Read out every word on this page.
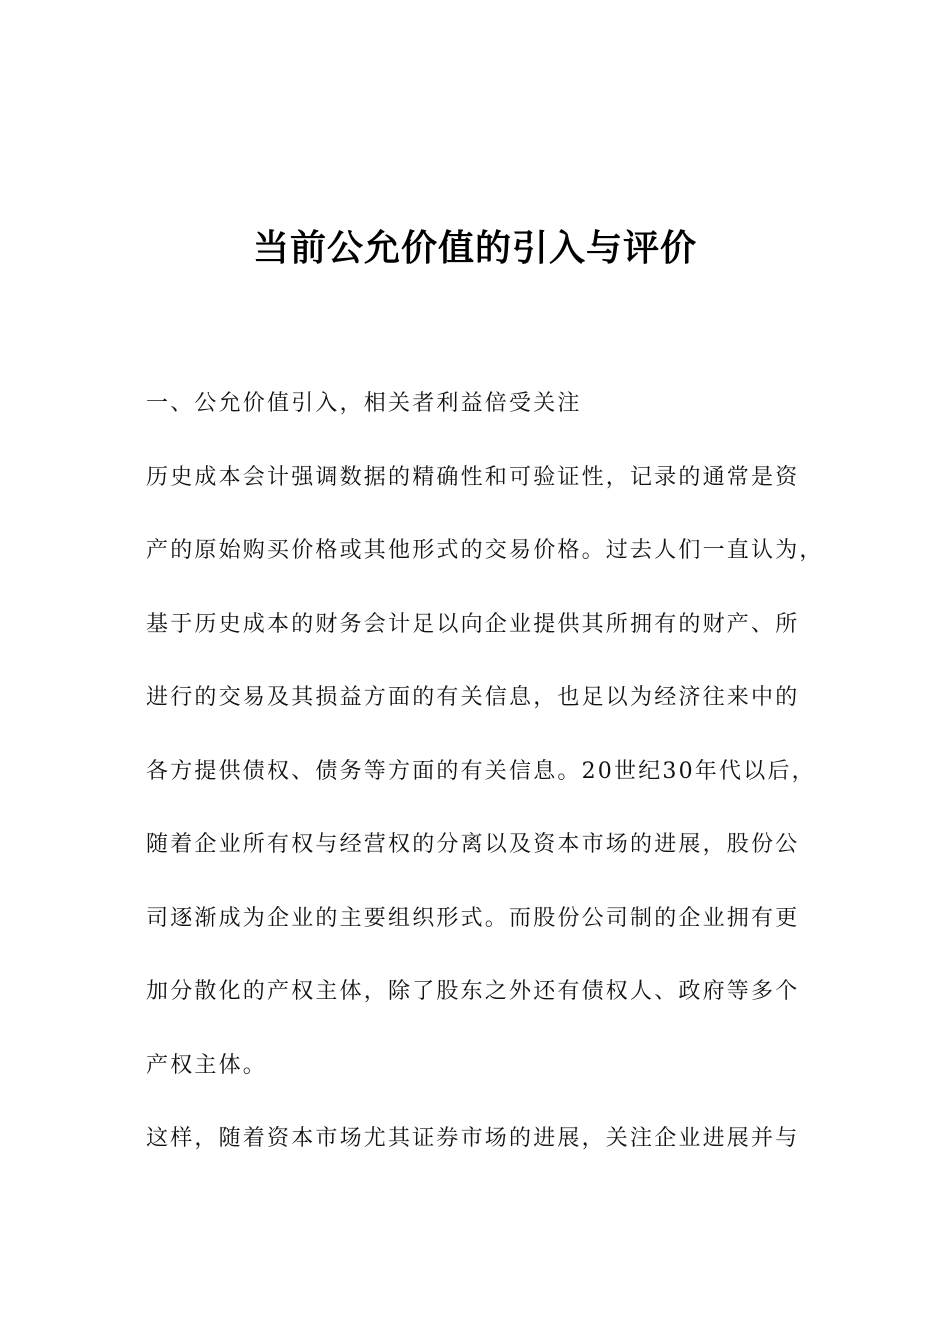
当前公允价值的引入与评价
一、公允价值引入，相关者利益倍受关注
历史成本会计强调数据的精确性和可验证性，记录的通常是资
产的原始购买价格或其他形式的交易价格。过去人们一直认为，
基于历史成本的财务会计足以向企业提供其所拥有的财产、所
进行的交易及其损益方面的有关信息，也足以为经济往来中的
各方提供债权、债务等方面的有关信息。20世纪30年代以后，
随着企业所有权与经营权的分离以及资本市场的进展，股份公
司逐渐成为企业的主要组织形式。而股份公司制的企业拥有更
加分散化的产权主体，除了股东之外还有债权人、政府等多个
产权主体。
这样，随着资本市场尤其证券市场的进展，关注企业进展并与
